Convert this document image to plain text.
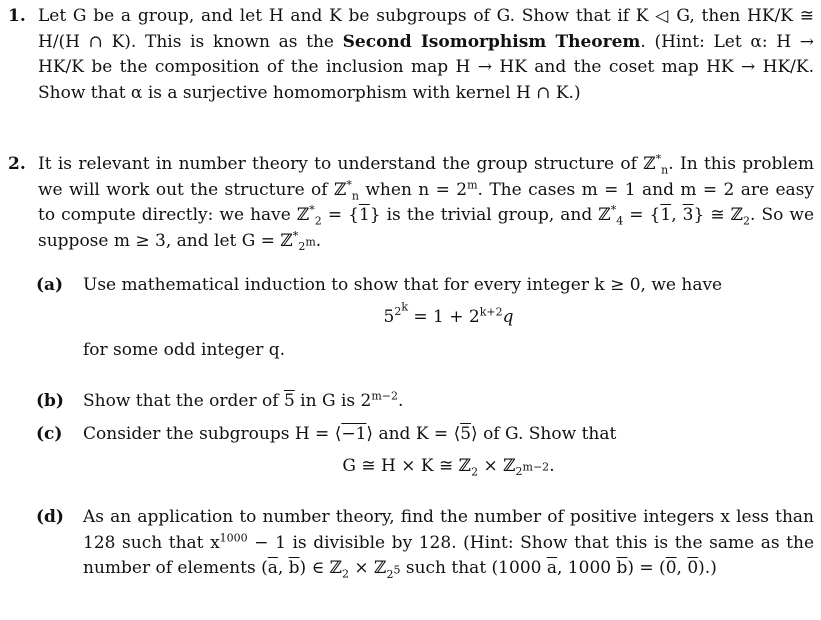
1. Let G be a group, and let H and K be subgroups of G. Show that if K ◁ G, then HK/K ≅ H/(H ∩ K). This is known as the Second Isomorphism Theorem. (Hint: Let α: H → HK/K be the composition of the inclusion map H → HK and the coset map HK → HK/K. Show that α is a surjective homomorphism with kernel H ∩ K.)
2. It is relevant in number theory to understand the group structure of ℤ*$_n$. In this problem we will work out the structure of ℤ*$_n$ when $n = 2^m$. The cases m = 1 and m = 2 are easy to compute directly: we have ℤ*$_2$ = {1} is the trivial group, and ℤ*$_4$ = {1, 3} ≅ ℤ$_2$. So we suppose m ≥ 3, and let G = ℤ*$_{2^m}$.
(a) Use mathematical induction to show that for every integer k ≥ 0, we have
$5^{2^k} = 1 + 2^{k+2}q$
for some odd integer q.
(b) Show that the order of 5 in G is $2^{m-2}$.
(c) Consider the subgroups H = ⟨−1⟩ and K = ⟨5⟩ of G. Show that
G ≅ H × K ≅ ℤ$_2$ × ℤ$_{2^{m-2}}$.
(d) As an application to number theory, find the number of positive integers x less than 128 such that $x^{1000} - 1$ is divisible by 128. (Hint: Show that this is the same as the number of elements ($\overline{a}$, $\overline{b}$) ∈ ℤ$_2$ × ℤ$_{2^5}$ such that (1000 $\overline{a}$, 1000 $\overline{b}) = (0$, 0).)
